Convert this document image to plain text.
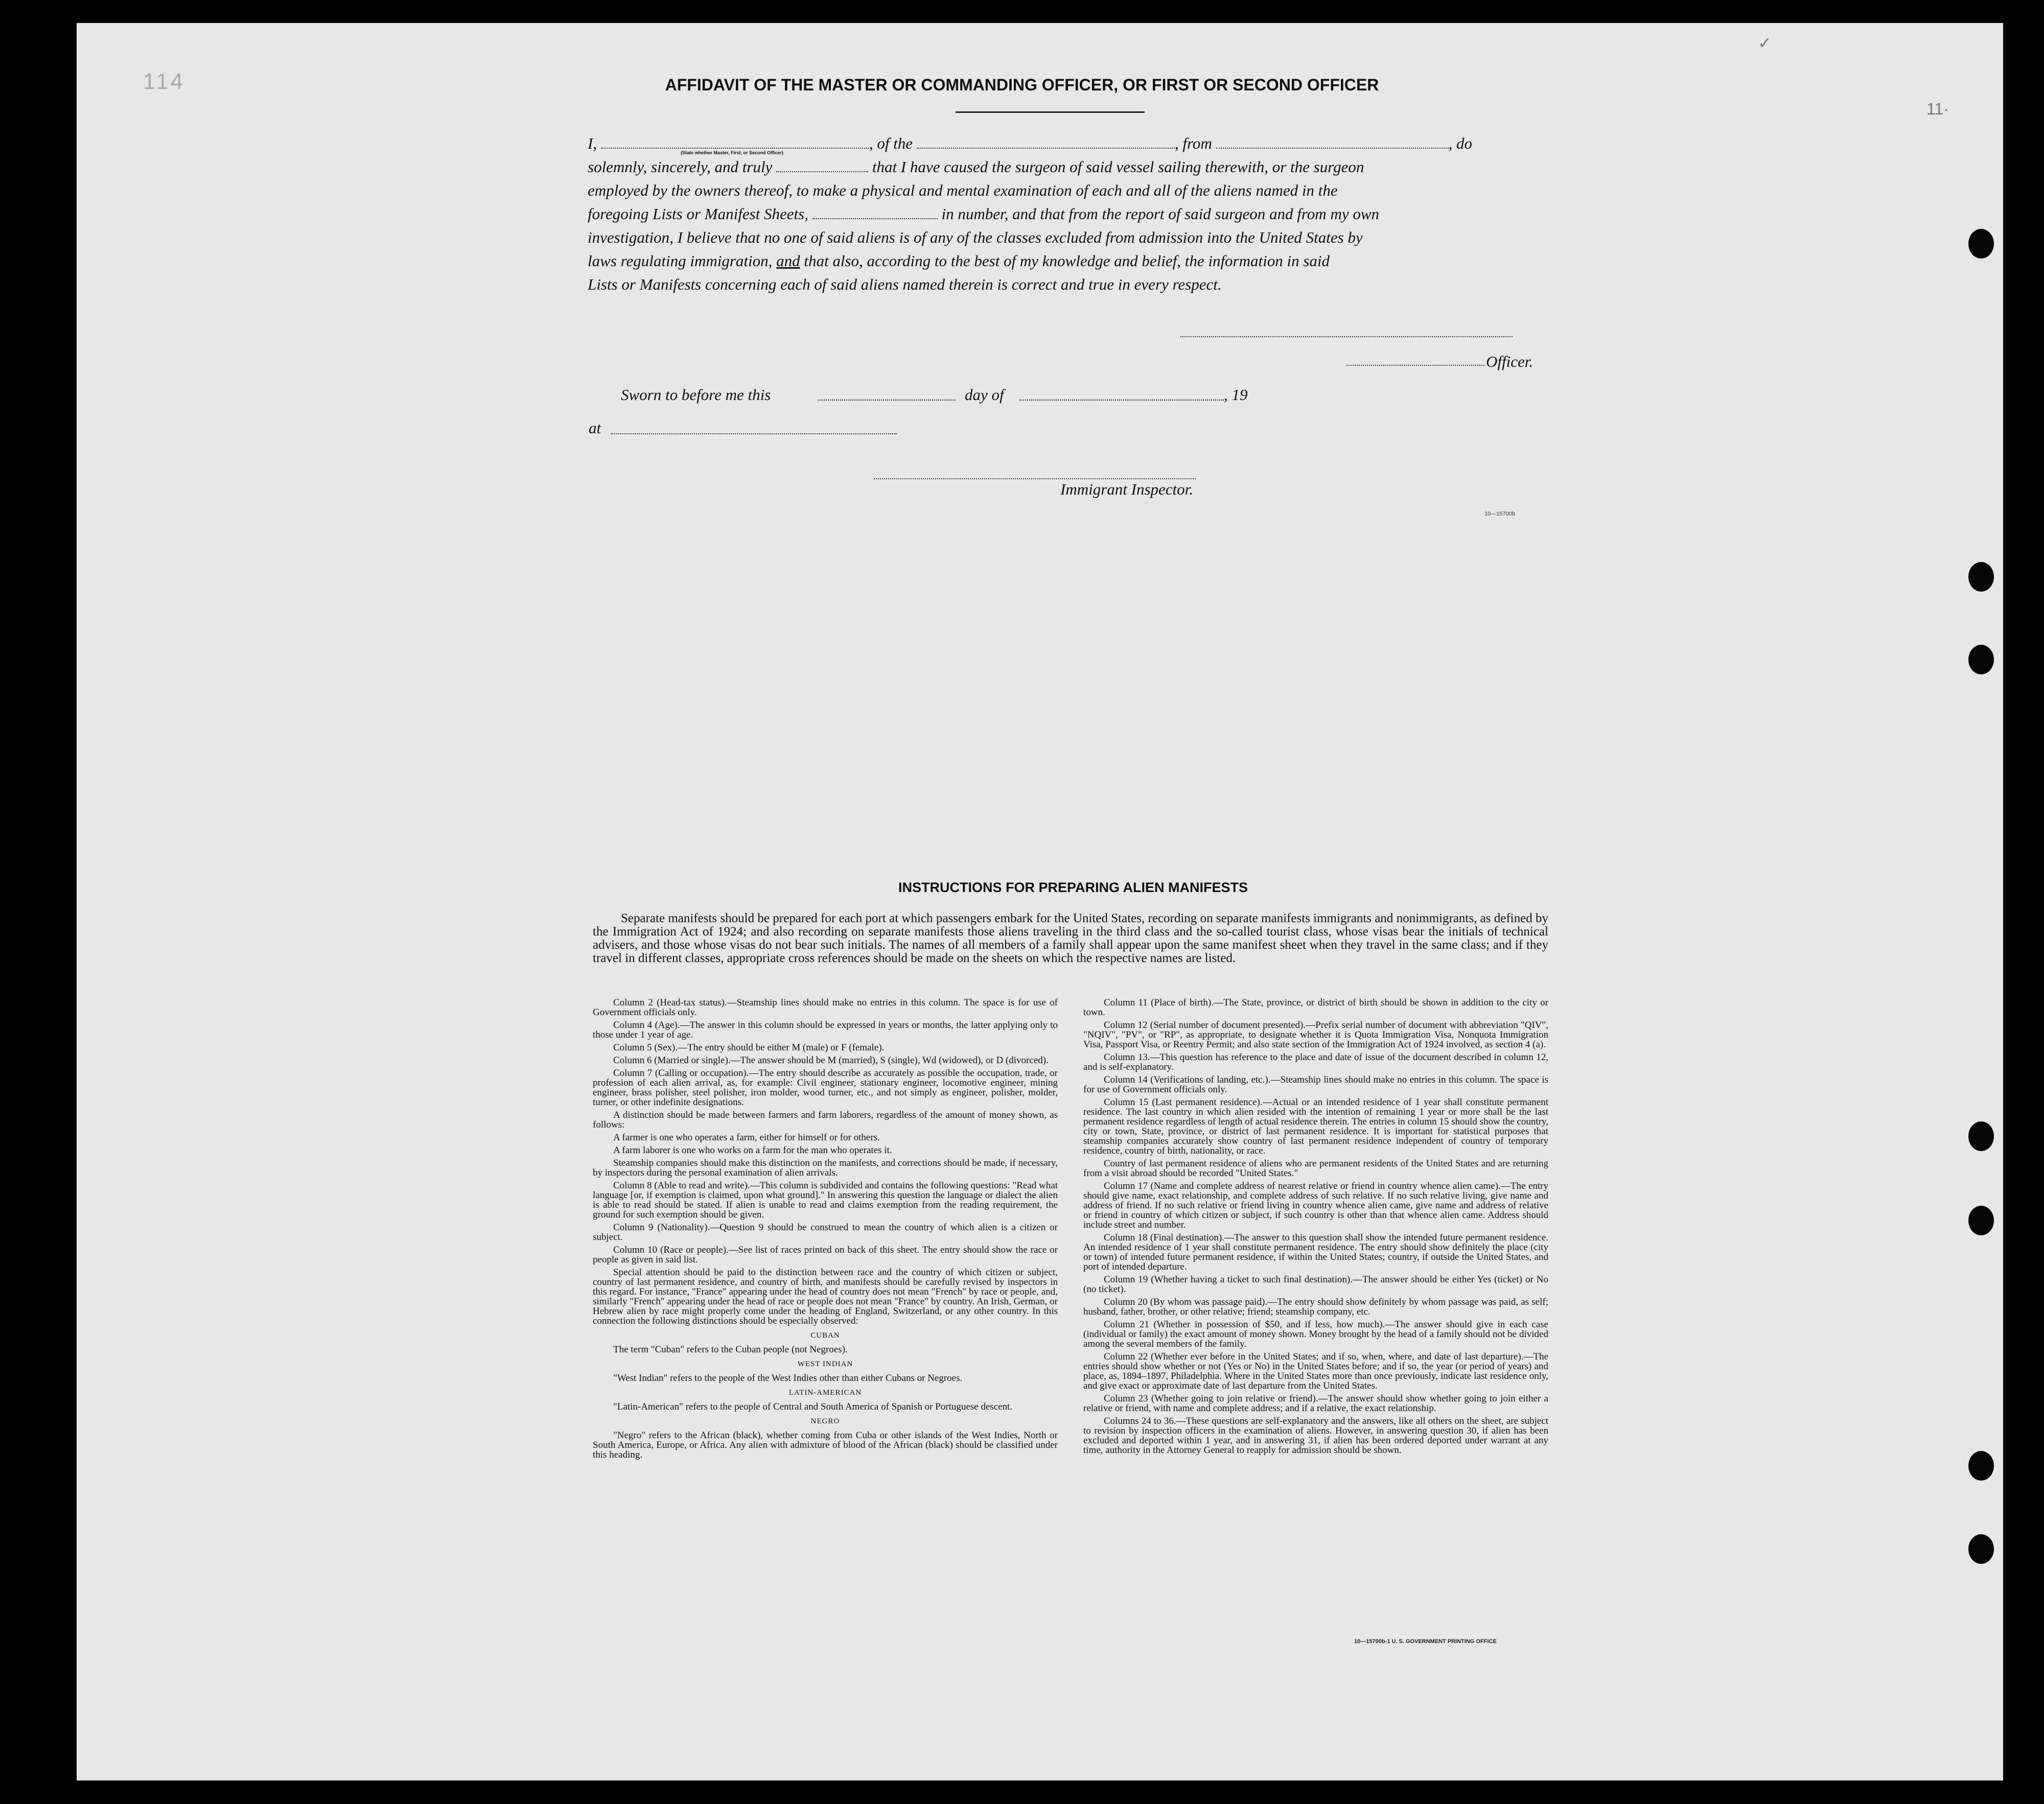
114
✓
11·
AFFIDAVIT OF THE MASTER OR COMMANDING OFFICER, OR FIRST OR SECOND OFFICER
I,	, of the	, from	, do
solemnly, sincerely, and truly	that I have caused the surgeon of said vessel sailing therewith, or the surgeon
employed by the owners thereof, to make a physical and mental examination of each and all of the aliens named in the
foregoing Lists or Manifest Sheets,	in number, and that from the report of said surgeon and from my own
investigation, I believe that no one of said aliens is of any of the classes excluded from admission into the United States by
laws regulating immigration, and that also, according to the best of my knowledge and belief, the information in said
Lists or Manifests concerning each of said aliens named therein is correct and true in every respect.
(State whether Master, First, or Second Officer)
Officer.
Sworn to before me this	day of	, 19
at
Immigrant Inspector.
10—15700b
INSTRUCTIONS FOR PREPARING ALIEN MANIFESTS

Separate manifests should be prepared for each port at which passengers embark for the United States, recording on separate manifests immigrants and nonimmigrants, as defined by the Immigration Act of 1924; and also recording on separate manifests those aliens traveling in the third class and the so-called tourist class, whose visas bear the initials of technical advisers, and those whose visas do not bear such initials. The names of all members of a family shall appear upon the same manifest sheet when they travel in the same class; and if they travel in different classes, appropriate cross references should be made on the sheets on which the respective names are listed.

Column 2 (Head-tax status).—Steamship lines should make no entries in this column. The space is for use of Government officials only.

Column 4 (Age).—The answer in this column should be expressed in years or months, the latter applying only to those under 1 year of age.

Column 5 (Sex).—The entry should be either M (male) or F (female).

Column 6 (Married or single).—The answer should be M (married), S (single), Wd (widowed), or D (divorced).

Column 7 (Calling or occupation).—The entry should describe as accurately as possible the occupation, trade, or profession of each alien arrival, as, for example: Civil engineer, stationary engineer, locomotive engineer, mining engineer, brass polisher, steel polisher, iron molder, wood turner, etc., and not simply as engineer, polisher, molder, turner, or other indefinite designations.

A distinction should be made between farmers and farm laborers, regardless of the amount of money shown, as follows:

A farmer is one who operates a farm, either for himself or for others.

A farm laborer is one who works on a farm for the man who operates it.

Steamship companies should make this distinction on the manifests, and corrections should be made, if necessary, by inspectors during the personal examination of alien arrivals.

Column 8 (Able to read and write).—This column is subdivided and contains the following questions: "Read what language [or, if exemption is claimed, upon what ground]." In answering this question the language or dialect the alien is able to read should be stated. If alien is unable to read and claims exemption from the reading requirement, the ground for such exemption should be given.

Column 9 (Nationality).—Question 9 should be construed to mean the country of which alien is a citizen or subject.

Column 10 (Race or people).—See list of races printed on back of this sheet. The entry should show the race or people as given in said list.

Special attention should be paid to the distinction between race and the country of which citizen or subject, country of last permanent residence, and country of birth, and manifests should be carefully revised by inspectors in this regard. For instance, "France" appearing under the head of country does not mean "French" by race or people, and, similarly "French" appearing under the head of race or people does not mean "France" by country. An Irish, German, or Hebrew alien by race might properly come under the heading of England, Switzerland, or any other country. In this connection the following distinctions should be especially observed:

CUBAN

The term "Cuban" refers to the Cuban people (not Negroes).

WEST INDIAN

"West Indian" refers to the people of the West Indies other than either Cubans or Negroes.

LATIN-AMERICAN

"Latin-American" refers to the people of Central and South America of Spanish or Portuguese descent.

NEGRO

"Negro" refers to the African (black), whether coming from Cuba or other islands of the West Indies, North or South America, Europe, or Africa. Any alien with admixture of blood of the African (black) should be classified under this heading.

Column 11 (Place of birth).—The State, province, or district of birth should be shown in addition to the city or town.

Column 12 (Serial number of document presented).—Prefix serial number of document with abbreviation "QIV", "NQIV", "PV", or "RP", as appropriate, to designate whether it is Quota Immigration Visa, Nonquota Immigration Visa, Passport Visa, or Reentry Permit; and also state section of the Immigration Act of 1924 involved, as section 4 (a).

Column 13.—This question has reference to the place and date of issue of the document described in column 12, and is self-explanatory.

Column 14 (Verifications of landing, etc.).—Steamship lines should make no entries in this column. The space is for use of Government officials only.

Column 15 (Last permanent residence).—Actual or an intended residence of 1 year shall constitute permanent residence. The last country in which alien resided with the intention of remaining 1 year or more shall be the last permanent residence regardless of length of actual residence therein. The entries in column 15 should show the country, city or town, State, province, or district of last permanent residence. It is important for statistical purposes that steamship companies accurately show country of last permanent residence independent of country of temporary residence, country of birth, nationality, or race.

Country of last permanent residence of aliens who are permanent residents of the United States and are returning from a visit abroad should be recorded "United States."

Column 17 (Name and complete address of nearest relative or friend in country whence alien came).—The entry should give name, exact relationship, and complete address of such relative. If no such relative living, give name and address of friend. If no such relative or friend living in country whence alien came, give name and address of relative or friend in country of which citizen or subject, if such country is other than that whence alien came. Address should include street and number.

Column 18 (Final destination).—The answer to this question shall show the intended future permanent residence. An intended residence of 1 year shall constitute permanent residence. The entry should show definitely the place (city or town) of intended future permanent residence, if within the United States; country, if outside the United States, and port of intended departure.

Column 19 (Whether having a ticket to such final destination).—The answer should be either Yes (ticket) or No (no ticket).

Column 20 (By whom was passage paid).—The entry should show definitely by whom passage was paid, as self; husband, father, brother, or other relative; friend; steamship company, etc.

Column 21 (Whether in possession of $50, and if less, how much).—The answer should give in each case (individual or family) the exact amount of money shown. Money brought by the head of a family should not be divided among the several members of the family.

Column 22 (Whether ever before in the United States; and if so, when, where, and date of last departure).—The entries should show whether or not (Yes or No) in the United States before; and if so, the year (or period of years) and place, as, 1894–1897, Philadelphia. Where in the United States more than once previously, indicate last residence only, and give exact or approximate date of last departure from the United States.

Column 23 (Whether going to join relative or friend).—The answer should show whether going to join either a relative or friend, with name and complete address; and if a relative, the exact relationship.

Columns 24 to 36.—These questions are self-explanatory and the answers, like all others on the sheet, are subject to revision by inspection officers in the examination of aliens. However, in answering question 30, if alien has been excluded and deported within 1 year, and in answering 31, if alien has been ordered deported under warrant at any time, authority in the Attorney General to reapply for admission should be shown.

10—15700b-1 U. S. GOVERNMENT PRINTING OFFICE
